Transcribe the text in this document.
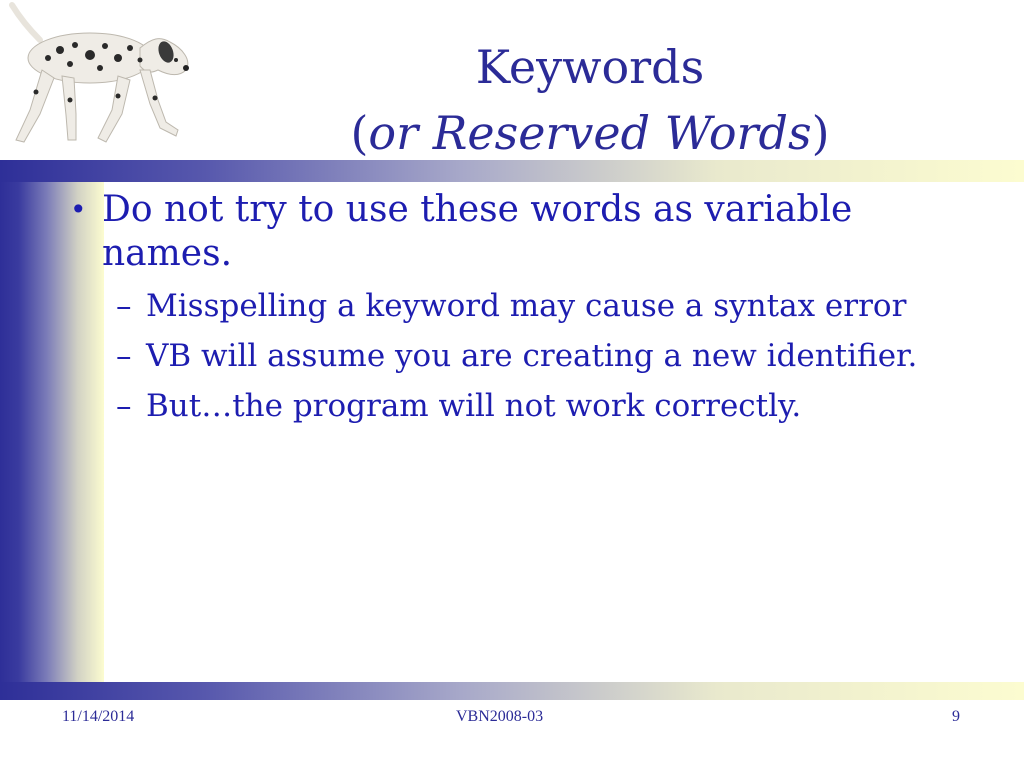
Keywords
(or Reserved Words)
• Do not try to use these words as variable names.
– Misspelling a keyword may cause a syntax error
– VB will assume you are creating a new identifier.
– But…the program will not work correctly.
11/14/2014	VBN2008-03	9
